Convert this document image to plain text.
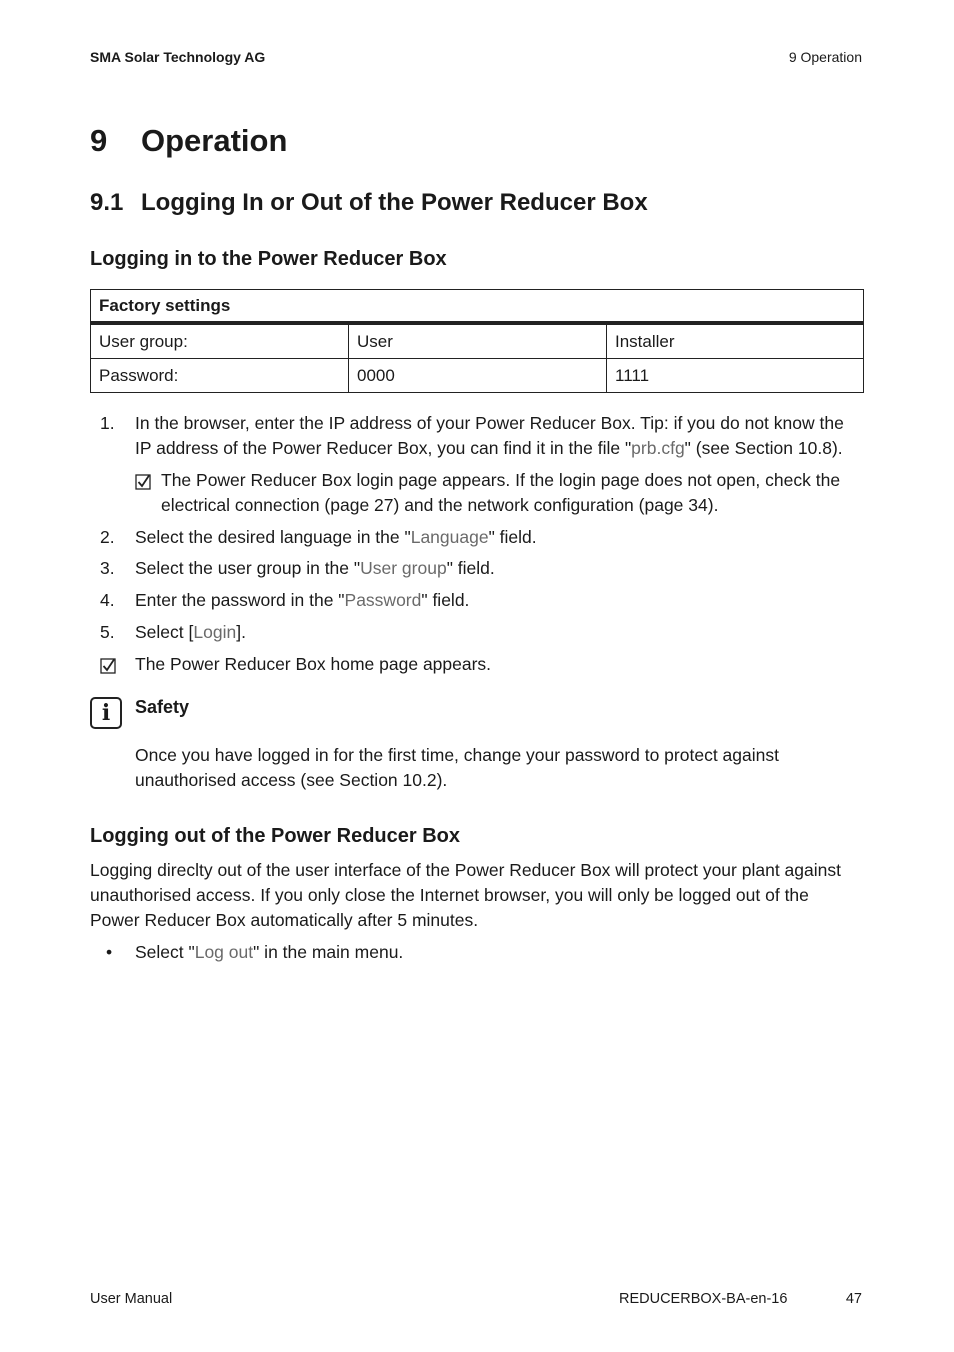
SMA Solar Technology AG	9 Operation
9 Operation
9.1 Logging In or Out of the Power Reducer Box
Logging in to the Power Reducer Box
Factory settings		
User group:	User	Installer
Password:	0000	1111
1. In the browser, enter the IP address of your Power Reducer Box. Tip: if you do not know the IP address of the Power Reducer Box, you can find it in the file "prb.cfg" (see Section 10.8).
The Power Reducer Box login page appears. If the login page does not open, check the electrical connection (page 27) and the network configuration (page 34).
2. Select the desired language in the "Language" field.
3. Select the user group in the "User group" field.
4. Enter the password in the "Password" field.
5. Select [Login].
The Power Reducer Box home page appears.
i	Safety
Once you have logged in for the first time, change your password to protect against unauthorised access (see Section 10.2).
Logging out of the Power Reducer Box
Logging direclty out of the user interface of the Power Reducer Box will protect your plant against unauthorised access. If you only close the Internet browser, you will only be logged out of the Power Reducer Box automatically after 5 minutes.
• Select "Log out" in the main menu.
User Manual	REDUCERBOX-BA-en-16	47
